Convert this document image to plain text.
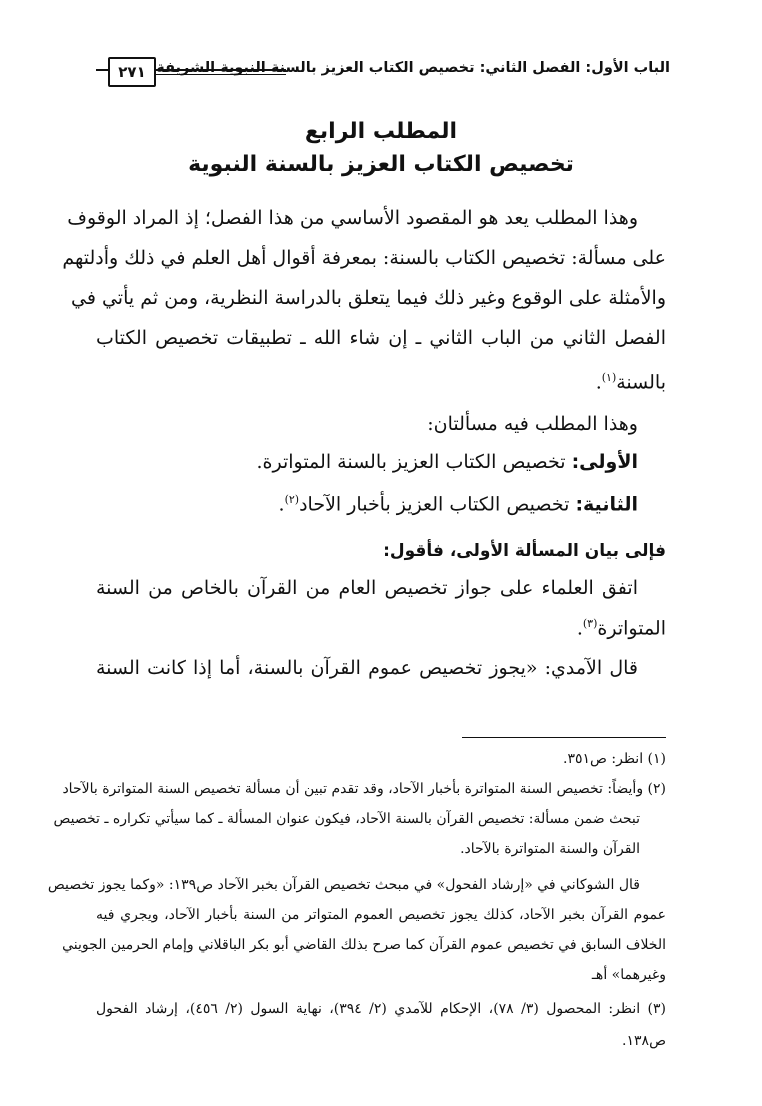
الباب الأول: الفصل الثاني: تخصيص الكتاب العزيز بالسنة النبوية الشريفة
٢٧١
المطلب الرابع
تخصيص الكتاب العزيز بالسنة النبوية
وهذا المطلب يعد هو المقصود الأساسي من هذا الفصل؛ إذ المراد الوقوف
على مسألة: تخصيص الكتاب بالسنة: بمعرفة أقوال أهل العلم في ذلك وأدلتهم
والأمثلة على الوقوع وغير ذلك فيما يتعلق بالدراسة النظرية، ومن ثم يأتي في
الفصل الثاني من الباب الثاني ـ إن شاء الله ـ تطبيقات تخصيص الكتاب
بالسنة$^{(١)}$.
وهذا المطلب فيه مسألتان:
الأولى: تخصيص الكتاب العزيز بالسنة المتواترة.
الثانية: تخصيص الكتاب العزيز بأخبار الآحاد$^{(٢)}$.
فإلى بيان المسألة الأولى، فأقول:
اتفق العلماء على جواز تخصيص العام من القرآن بالخاص من السنة
المتواترة$^{(٣)}$.
قال الآمدي: «يجوز تخصيص عموم القرآن بالسنة، أما إذا كانت السنة
(١) انظر: ص٣٥١.
(٢) وأيضاً: تخصيص السنة المتواترة بأخبار الآحاد، وقد تقدم تبين أن مسألة تخصيص السنة المتواترة بالآحاد
تبحث ضمن مسألة: تخصيص القرآن بالسنة الآحاد، فيكون عنوان المسألة ـ كما سيأتي تكراره ـ تخصيص
القرآن والسنة المتواترة بالآحاد.
قال الشوكاني في «إرشاد الفحول» في مبحث تخصيص القرآن بخبر الآحاد ص١٣٩: «وكما يجوز تخصيص
عموم القرآن بخبر الآحاد، كذلك يجوز تخصيص العموم المتواتر من السنة بأخبار الآحاد، ويجري فيه
الخلاف السابق في تخصيص عموم القرآن كما صرح بذلك القاضي أبو بكر الباقلاني وإمام الحرمين الجويني
وغيرهما» أهـ
(٣) انظر: المحصول (٣/ ٧٨)، الإحكام للآمدي (٢/ ٣٩٤)، نهاية السول (٢/ ٤٥٦)، إرشاد الفحول
ص١٣٨.
